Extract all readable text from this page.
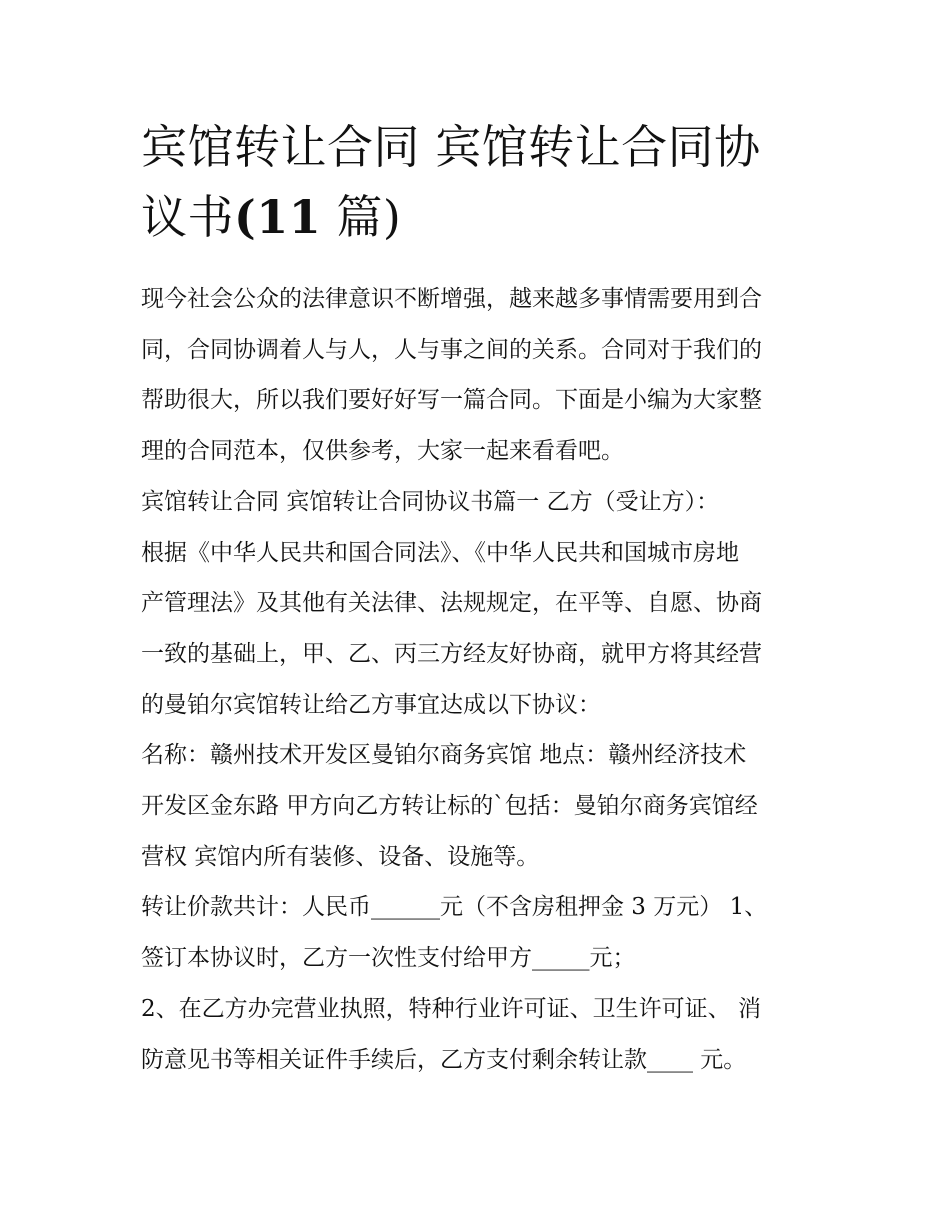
宾馆转让合同 宾馆转让合同协
议书(11 篇)
现今社会公众的法律意识不断增强，越来越多事情需要用到合
同，合同协调着人与人，人与事之间的关系。合同对于我们的
帮助很大，所以我们要好好写一篇合同。下面是小编为大家整
理的合同范本，仅供参考，大家一起来看看吧。
宾馆转让合同 宾馆转让合同协议书篇一 乙方（受让方）：
根据《中华人民共和国合同法》、《中华人民共和国城市房地
产管理法》及其他有关法律、法规规定，在平等、自愿、协商
一致的基础上，甲、乙、丙三方经友好协商，就甲方将其经营
的曼铂尔宾馆转让给乙方事宜达成以下协议：
名称：赣州技术开发区曼铂尔商务宾馆 地点：赣州经济技术
开发区金东路 甲方向乙方转让标的`包括：曼铂尔商务宾馆经
营权 宾馆内所有装修、设备、设施等。
转让价款共计：人民币______元（不含房租押金 3 万元） 1、
签订本协议时，乙方一次性支付给甲方_____元；
2、在乙方办完营业执照，特种行业许可证、卫生许可证、 消
防意见书等相关证件手续后，乙方支付剩余转让款____ 元。
